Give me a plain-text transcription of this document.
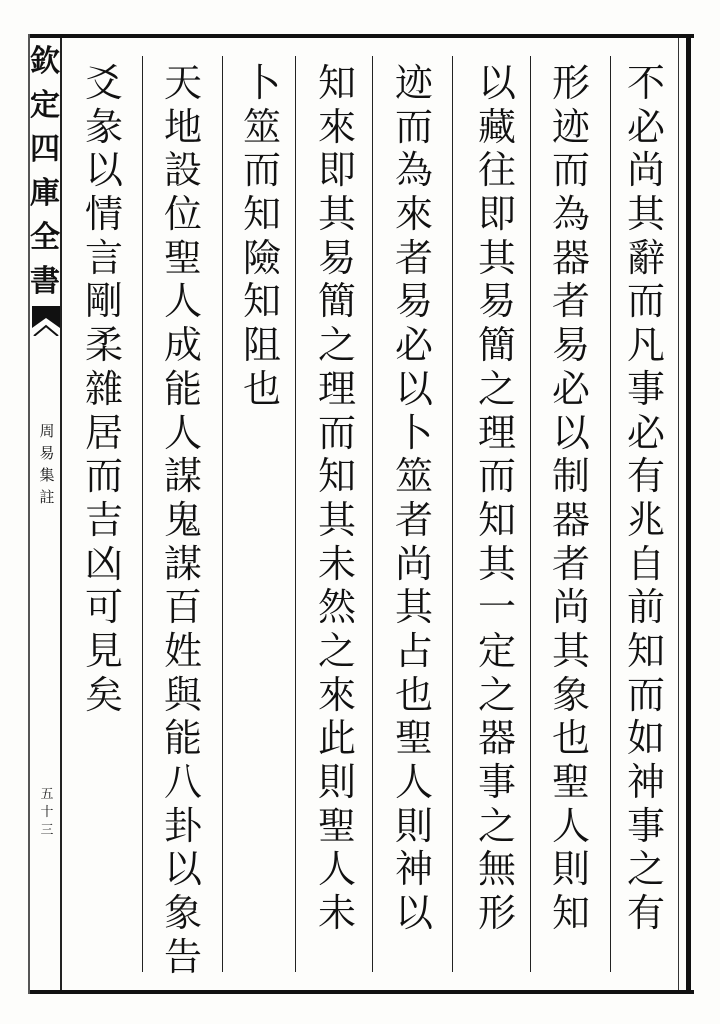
欽
定
四
庫
全
書
周
易
集
註
五
十
三
不
必
尚
其
辭
而
凡
事
必
有
兆
自
前
知
而
如
神
事
之
有
形
迹
而
為
器
者
易
必
以
制
器
者
尚
其
象
也
聖
人
則
知
以
藏
往
即
其
易
簡
之
理
而
知
其
一
定
之
器
事
之
無
形
迹
而
為
來
者
易
必
以
卜
筮
者
尚
其
占
也
聖
人
則
神
以
知
來
即
其
易
簡
之
理
而
知
其
未
然
之
來
此
則
聖
人
未
卜
筮
而
知
險
知
阻
也
天
地
設
位
聖
人
成
能
人
謀
鬼
謀
百
姓
與
能
八
卦
以
象
告
爻
彖
以
情
言
剛
柔
雜
居
而
吉
凶
可
見
矣
